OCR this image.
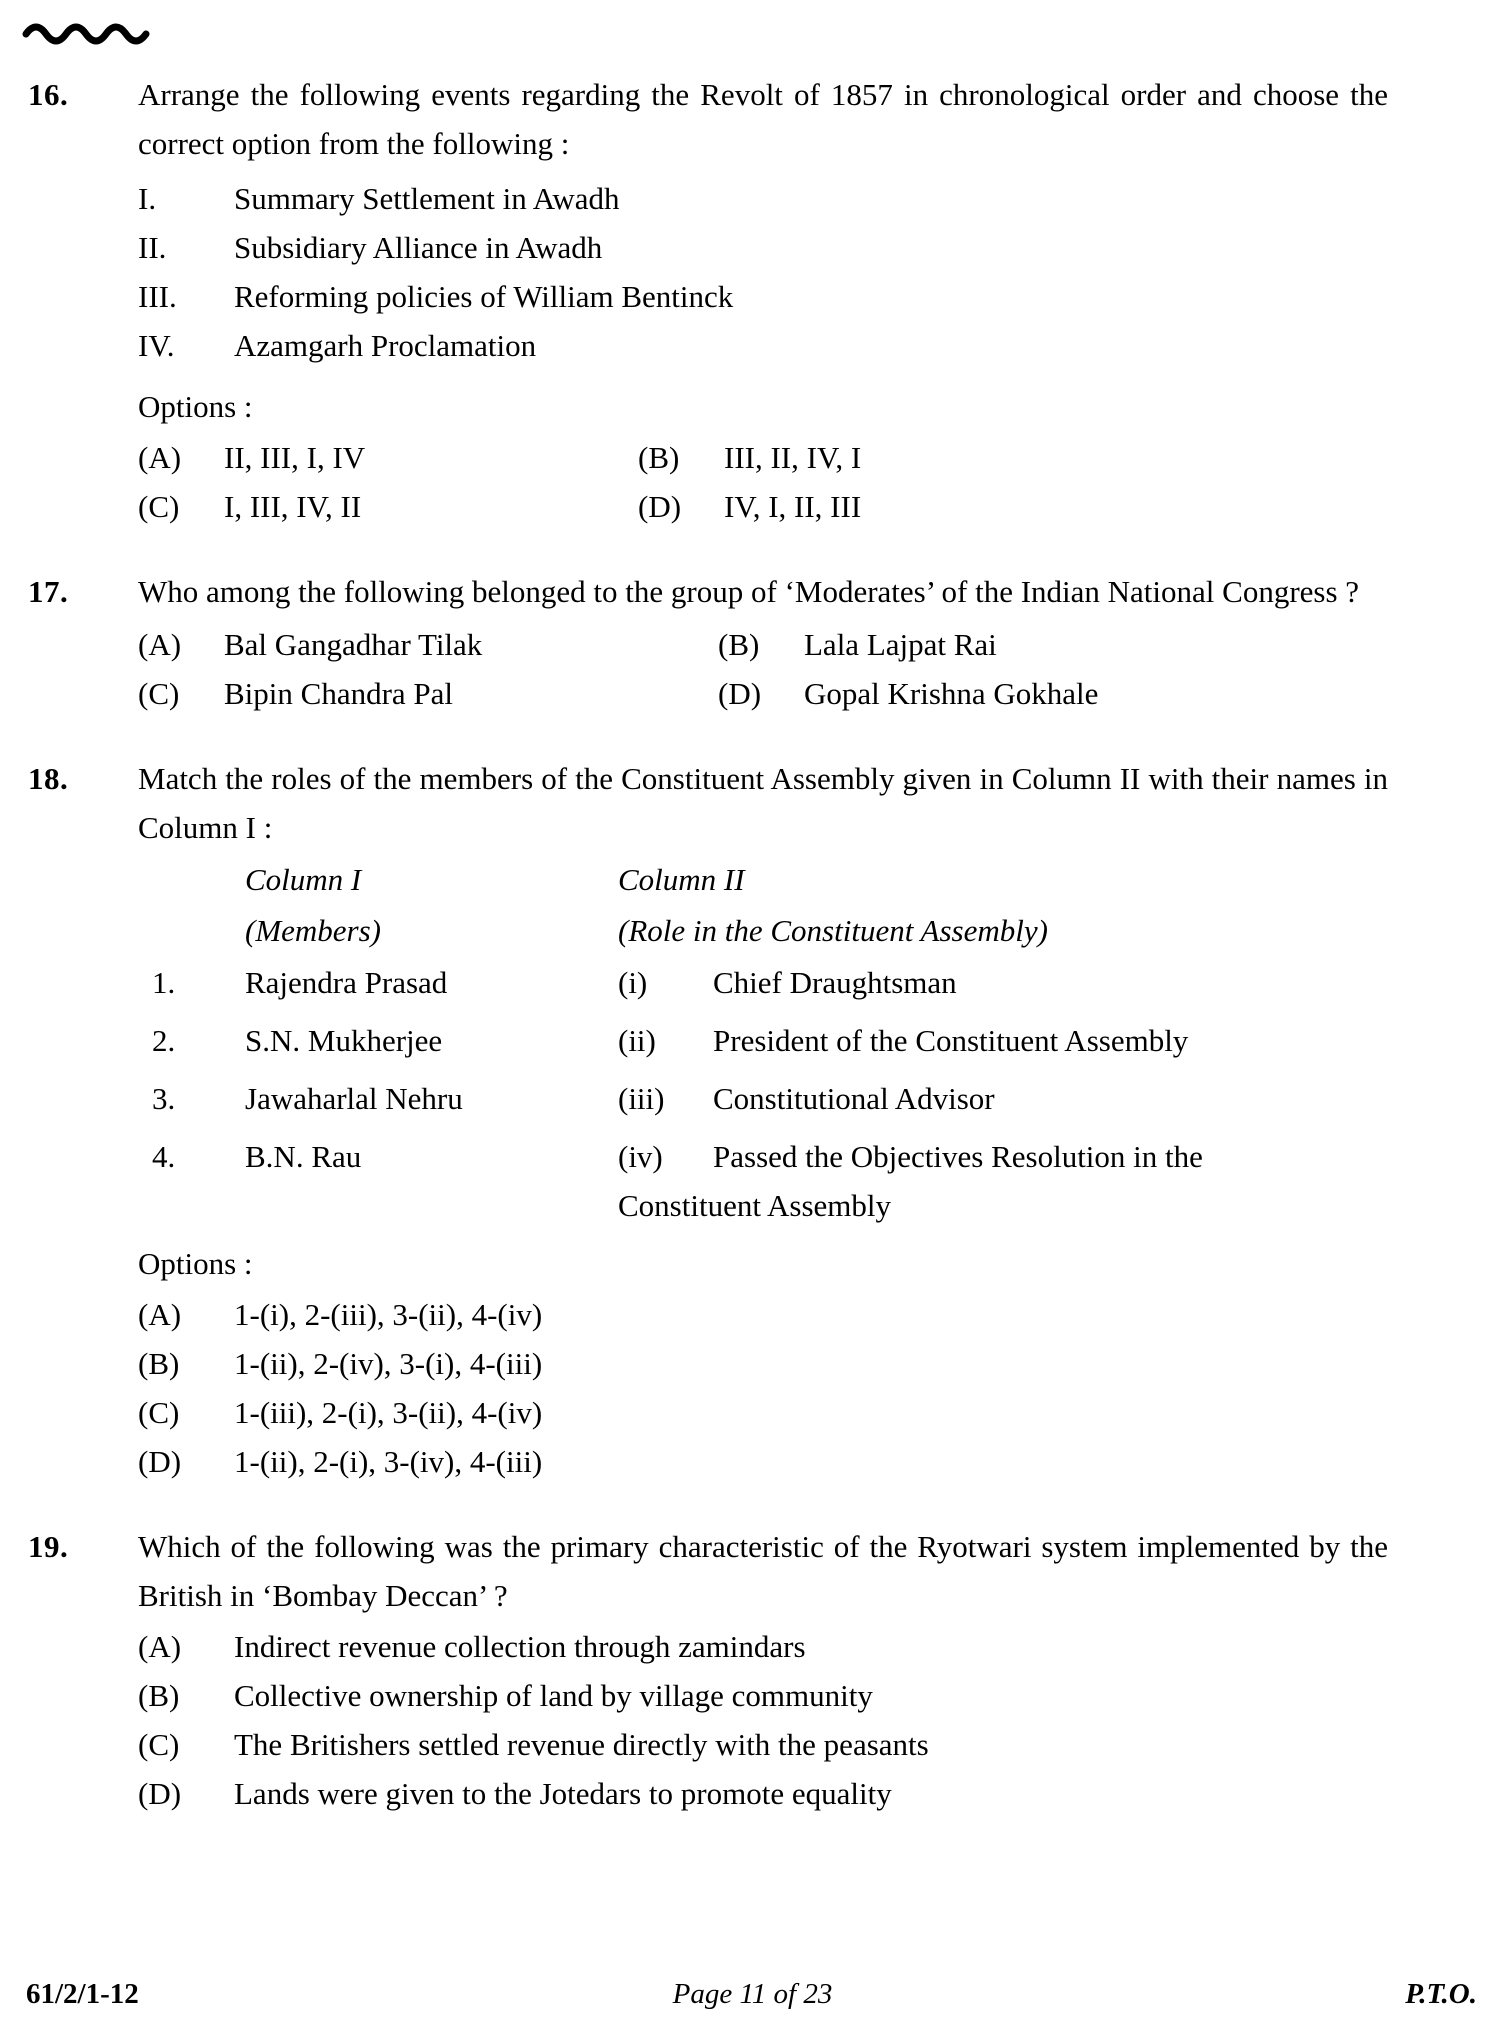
16. Arrange the following events regarding the Revolt of 1857 in chronological order and choose the correct option from the following :
I.	Summary Settlement in Awadh
II.	Subsidiary Alliance in Awadh
III.	Reforming policies of William Bentinck
IV.	Azamgarh Proclamation
Options :
(A)	II, III, I, IV	(B)	III, II, IV, I
(C)	I, III, IV, II	(D)	IV, I, II, III
17. Who among the following belonged to the group of ‘Moderates’ of the Indian National Congress ?
(A)	Bal Gangadhar Tilak	(B)	Lala Lajpat Rai
(C)	Bipin Chandra Pal	(D)	Gopal Krishna Gokhale
18. Match the roles of the members of the Constituent Assembly given in Column II with their names in Column I :
Column I	Column II
(Members)	(Role in the Constituent Assembly)
1.	Rajendra Prasad	(i)	Chief Draughtsman
2.	S.N. Mukherjee	(ii)	President of the Constituent Assembly
3.	Jawaharlal Nehru	(iii)	Constitutional Advisor
4.	B.N. Rau	(iv)	Passed the Objectives Resolution in the
Constituent Assembly
Options :
(A)	1-(i), 2-(iii), 3-(ii), 4-(iv)
(B)	1-(ii), 2-(iv), 3-(i), 4-(iii)
(C)	1-(iii), 2-(i), 3-(ii), 4-(iv)
(D)	1-(ii), 2-(i), 3-(iv), 4-(iii)
19. Which of the following was the primary characteristic of the Ryotwari system implemented by the British in ‘Bombay Deccan’ ?
(A)	Indirect revenue collection through zamindars
(B)	Collective ownership of land by village community
(C)	The Britishers settled revenue directly with the peasants
(D)	Lands were given to the Jotedars to promote equality
61/2/1-12	Page 11 of 23	P.T.O.
